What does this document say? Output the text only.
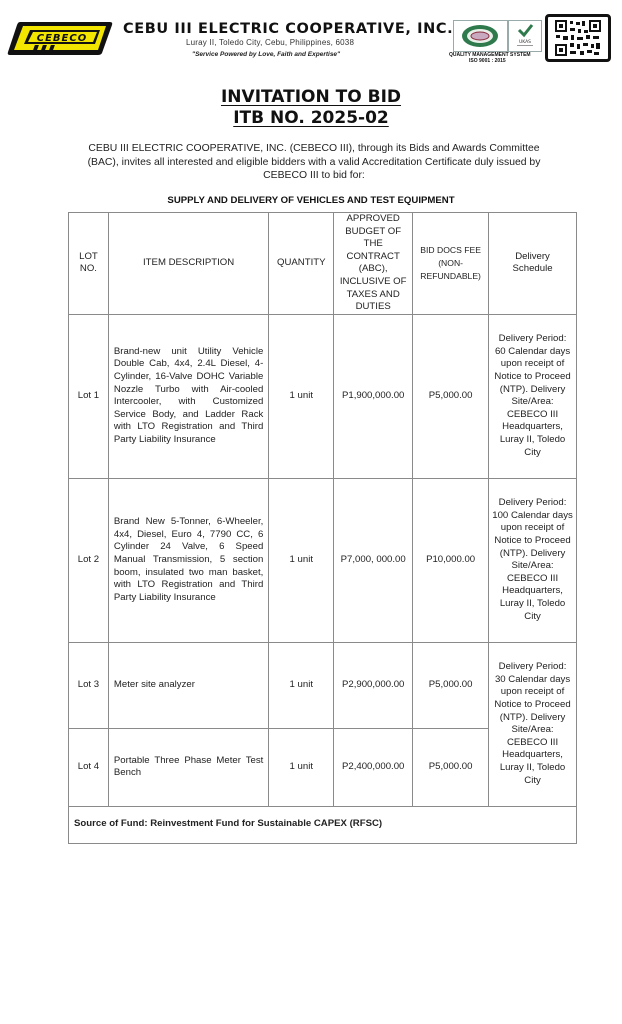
CEBECO
CEBU III ELECTRIC COOPERATIVE, INC.
Luray II, Toledo City, Cebu, Philippines, 6038
"Service Powered by Love, Faith and Expertise"
UKAS
QUALITY MANAGEMENT SYSTEM
ISO 9001 : 2015
INVITATION TO BID
ITB NO. 2025-02
CEBU III ELECTRIC COOPERATIVE, INC. (CEBECO III), through its Bids and Awards Committee (BAC), invites all interested and eligible bidders with a valid Accreditation Certificate duly issued by CEBECO III to bid for:
SUPPLY AND DELIVERY OF VEHICLES AND TEST EQUIPMENT
LOT NO.	ITEM DESCRIPTION	QUANTITY	APPROVED BUDGET OF THE CONTRACT (ABC), INCLUSIVE OF TAXES AND DUTIES	BID DOCS FEE (NON-REFUNDABLE)	Delivery Schedule
Lot 1	Brand-new unit Utility Vehicle Double Cab, 4x4, 2.4L Diesel, 4-Cylinder, 16-Valve DOHC Variable Nozzle Turbo with Air-cooled Intercooler, with Customized Service Body, and Ladder Rack with LTO Registration and Third Party Liability Insurance	1 unit	P1,900,000.00	P5,000.00	Delivery Period: 60 Calendar days upon receipt of Notice to Proceed (NTP). Delivery Site/Area: CEBECO III Headquarters, Luray II, Toledo City
Lot 2	Brand New 5-Tonner, 6-Wheeler, 4x4, Diesel, Euro 4, 7790 CC, 6 Cylinder 24 Valve, 6 Speed Manual Transmission, 5 section boom, insulated two man basket, with LTO Registration and Third Party Liability Insurance	1 unit	P7,000, 000.00	P10,000.00	Delivery Period: 100 Calendar days upon receipt of Notice to Proceed (NTP). Delivery Site/Area: CEBECO III Headquarters, Luray II, Toledo City
Lot 3	Meter site analyzer	1 unit	P2,900,000.00	P5,000.00	Delivery Period: 30 Calendar days upon receipt of Notice to Proceed (NTP). Delivery Site/Area: CEBECO III Headquarters, Luray II, Toledo City
Lot 4	Portable Three Phase Meter Test Bench	1 unit	P2,400,000.00	P5,000.00	
Source of Fund: Reinvestment Fund for Sustainable CAPEX (RFSC)					
